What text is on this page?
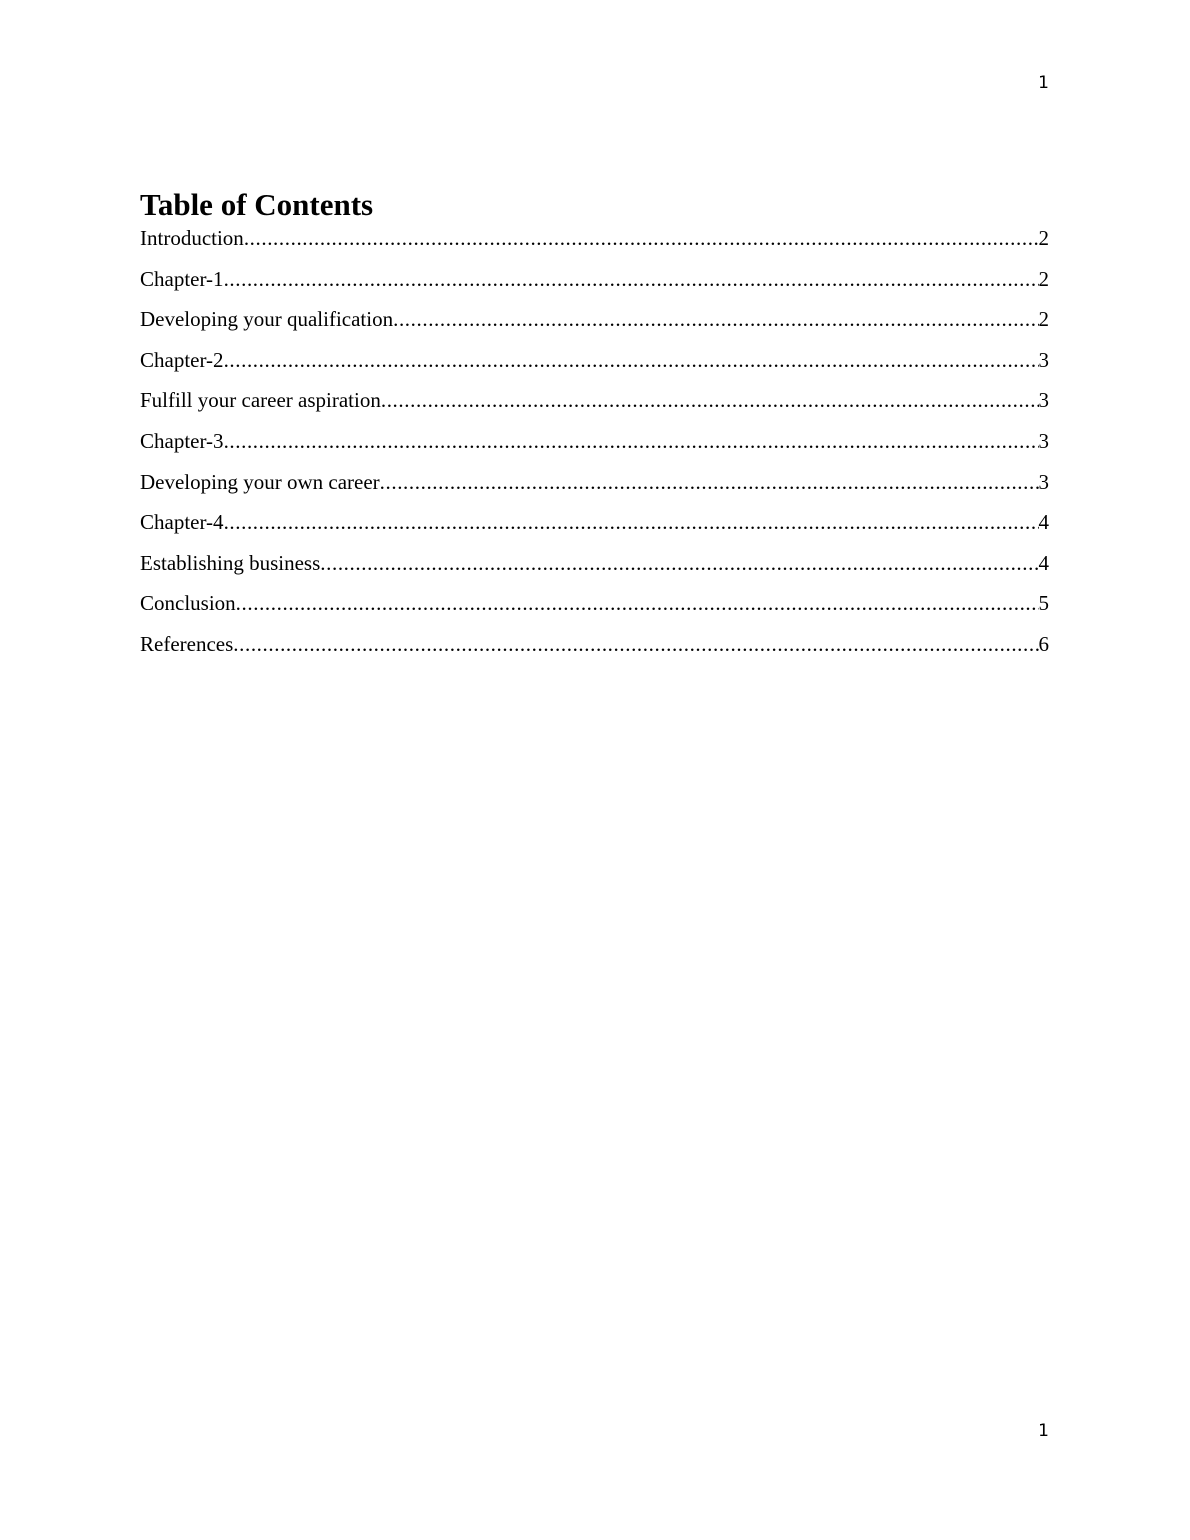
1
Table of Contents
Introduction .....	2
Chapter-1 .....	2
Developing your qualification .....	2
Chapter-2 .....	3
Fulfill your career aspiration .....	3
Chapter-3 .....	3
Developing your own career .....	3
Chapter-4 .....	4
Establishing business .....	4
Conclusion .....	5
References .....	6
1
